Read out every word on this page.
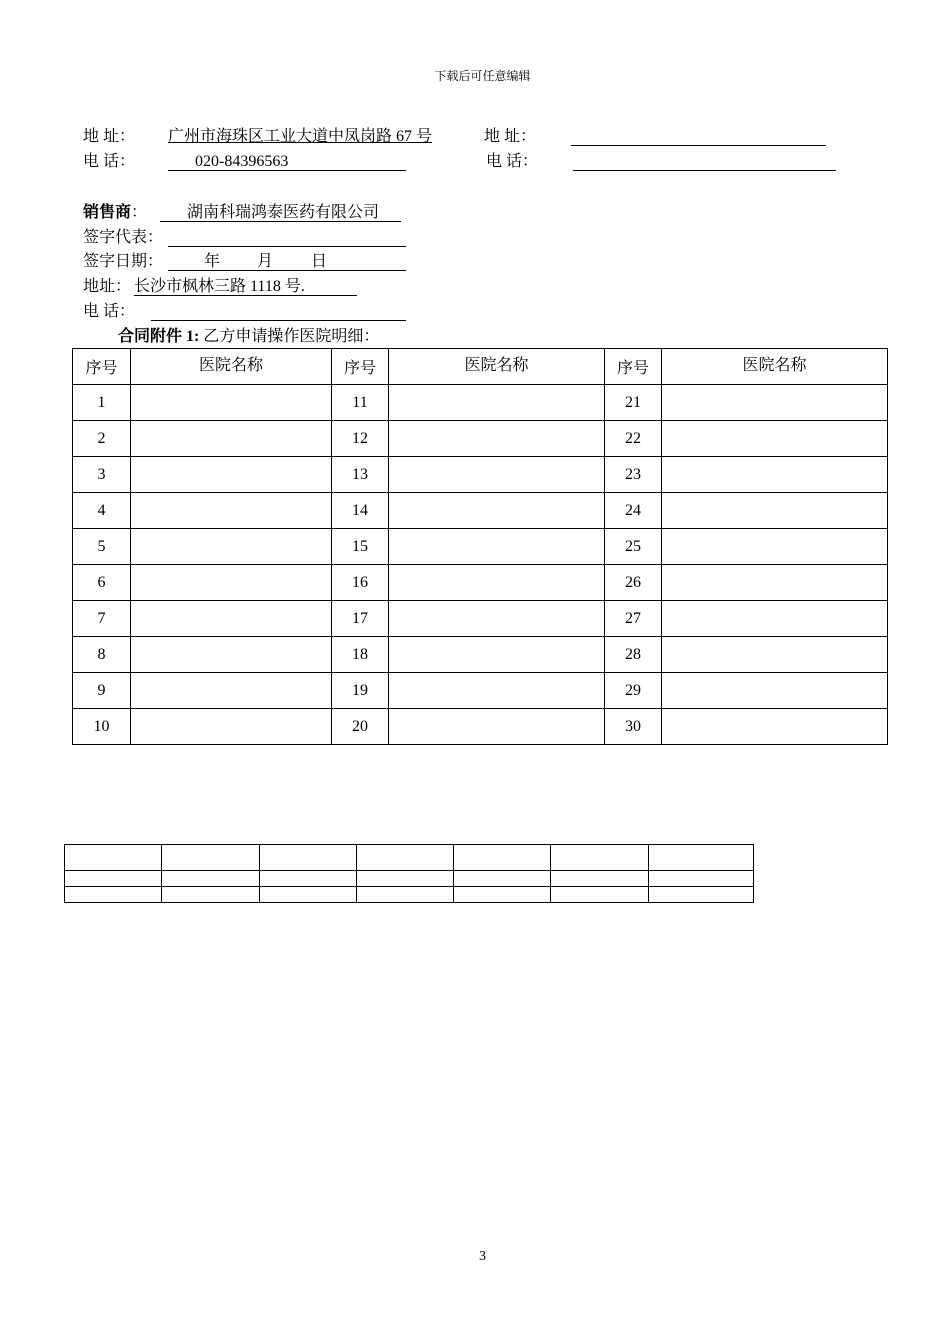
下载后可任意编辑
地 址： 广州市海珠区工业大道中凤岗路 67 号	地 址：
电 话：	020-84396563	电 话：
销售商：	湖南科瑞鸿泰医药有限公司
签字代表：
签字日期：	年 月 日
地址： 长沙市枫林三路 1118 号.
电 话：
合同附件 1: 乙方申请操作医院明细：
序号	医院名称	序号	医院名称	序号	医院名称
1		11		21	
2		12		22	
3		13		23	
4		14		24	
5		15		25	
6		16		26	
7		17		27	
8		18		28	
9		19		29	
10		20		30	

3
